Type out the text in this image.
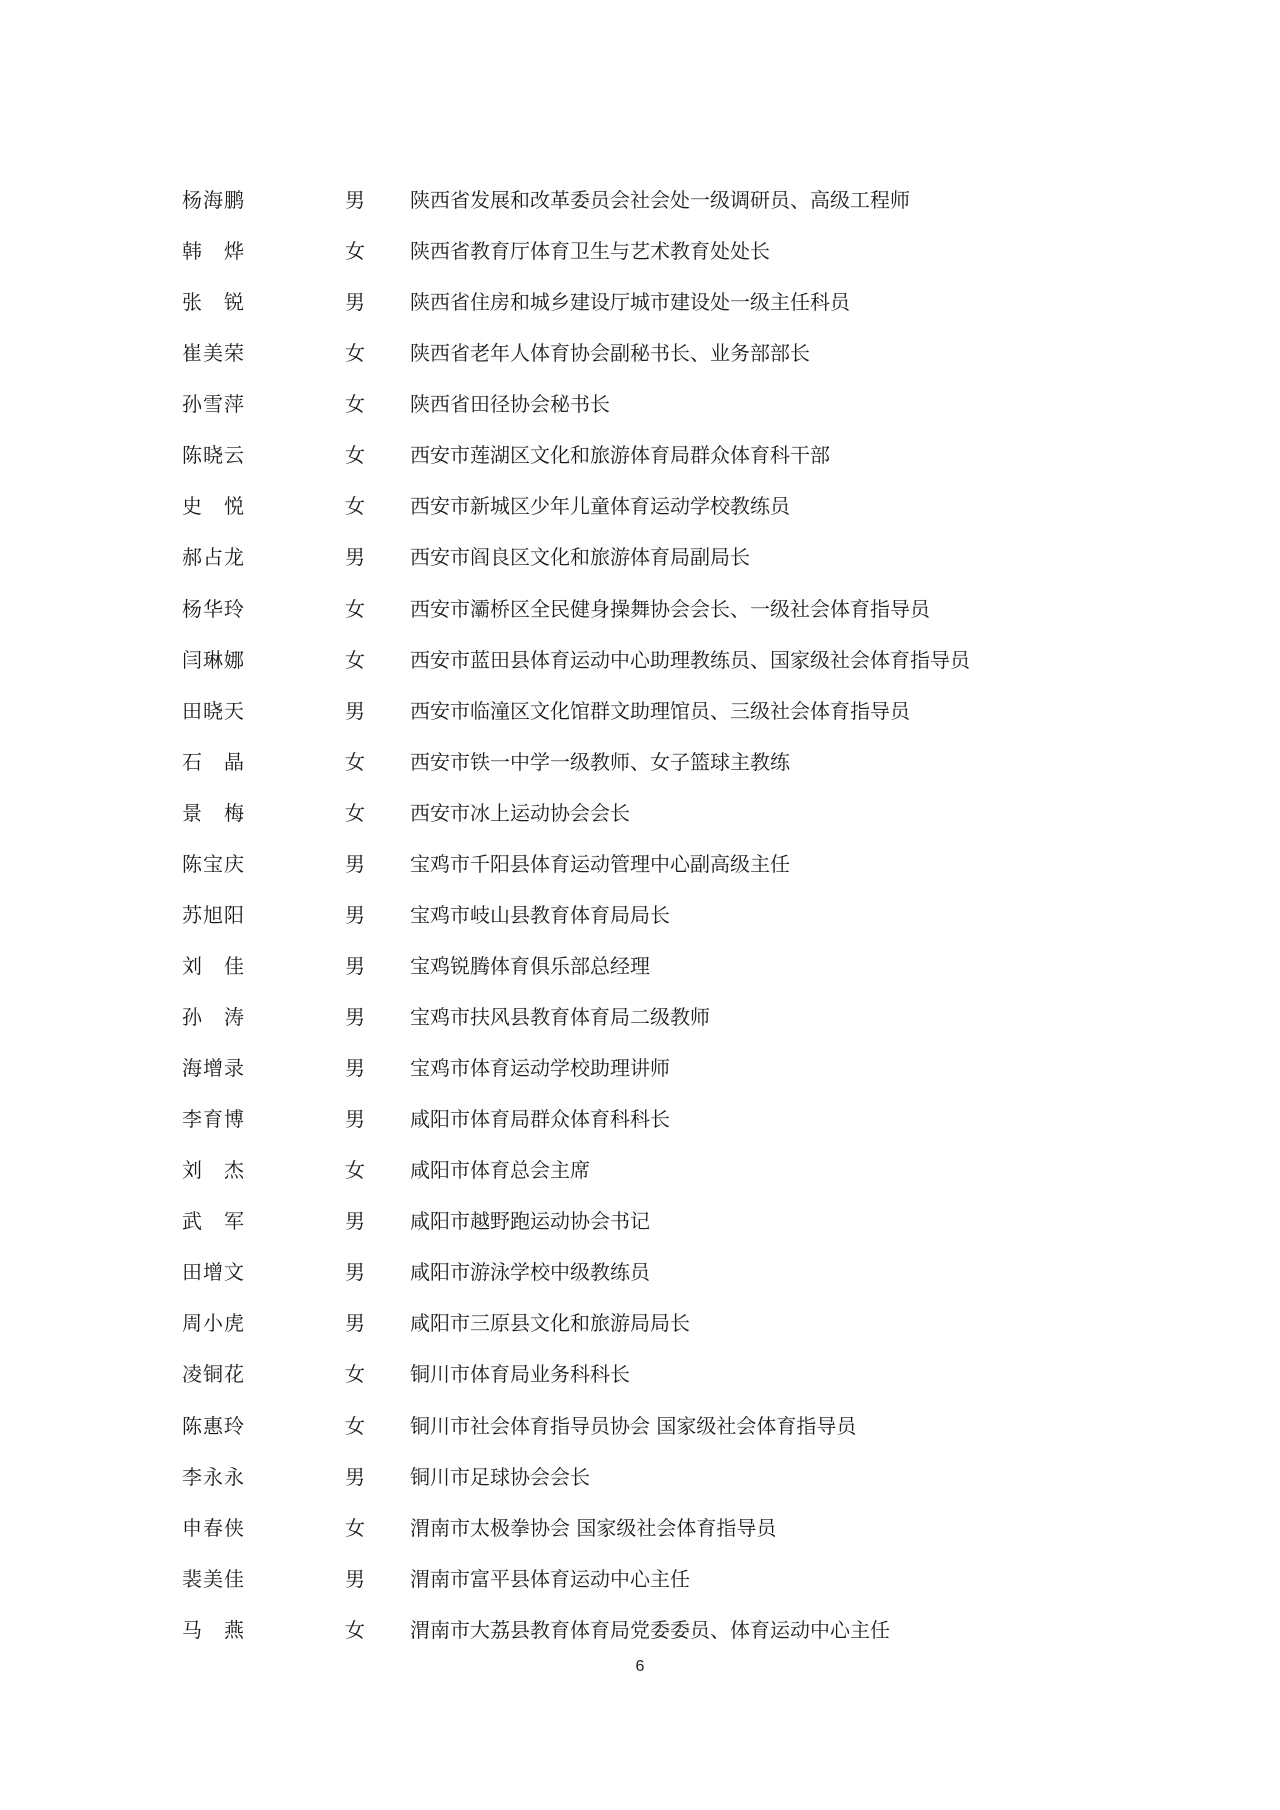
杨海鹏	男 陕西省发展和改革委员会社会处一级调研员、高级工程师
韩烨	女 陕西省教育厅体育卫生与艺术教育处处长
张锐	男 陕西省住房和城乡建设厅城市建设处一级主任科员
崔美荣	女 陕西省老年人体育协会副秘书长、业务部部长
孙雪萍	女 陕西省田径协会秘书长
陈晓云	女 西安市莲湖区文化和旅游体育局群众体育科干部
史悦	女 西安市新城区少年儿童体育运动学校教练员
郝占龙	男 西安市阎良区文化和旅游体育局副局长
杨华玲	女 西安市灞桥区全民健身操舞协会会长、一级社会体育指导员
闫琳娜	女 西安市蓝田县体育运动中心助理教练员、国家级社会体育指导员
田晓天	男 西安市临潼区文化馆群文助理馆员、三级社会体育指导员
石晶	女 西安市铁一中学一级教师、女子篮球主教练
景梅	女 西安市冰上运动协会会长
陈宝庆	男 宝鸡市千阳县体育运动管理中心副高级主任
苏旭阳	男 宝鸡市岐山县教育体育局局长
刘佳	男 宝鸡锐腾体育俱乐部总经理
孙涛	男 宝鸡市扶风县教育体育局二级教师
海增录	男 宝鸡市体育运动学校助理讲师
李育博	男 咸阳市体育局群众体育科科长
刘杰	女 咸阳市体育总会主席
武军	男 咸阳市越野跑运动协会书记
田增文	男 咸阳市游泳学校中级教练员
周小虎	男 咸阳市三原县文化和旅游局局长
凌铜花	女 铜川市体育局业务科科长
陈惠玲	女 铜川市社会体育指导员协会 国家级社会体育指导员
李永永	男 铜川市足球协会会长
申春侠	女 渭南市太极拳协会 国家级社会体育指导员
裴美佳	男 渭南市富平县体育运动中心主任
马燕	女 渭南市大荔县教育体育局党委委员、体育运动中心主任
6
